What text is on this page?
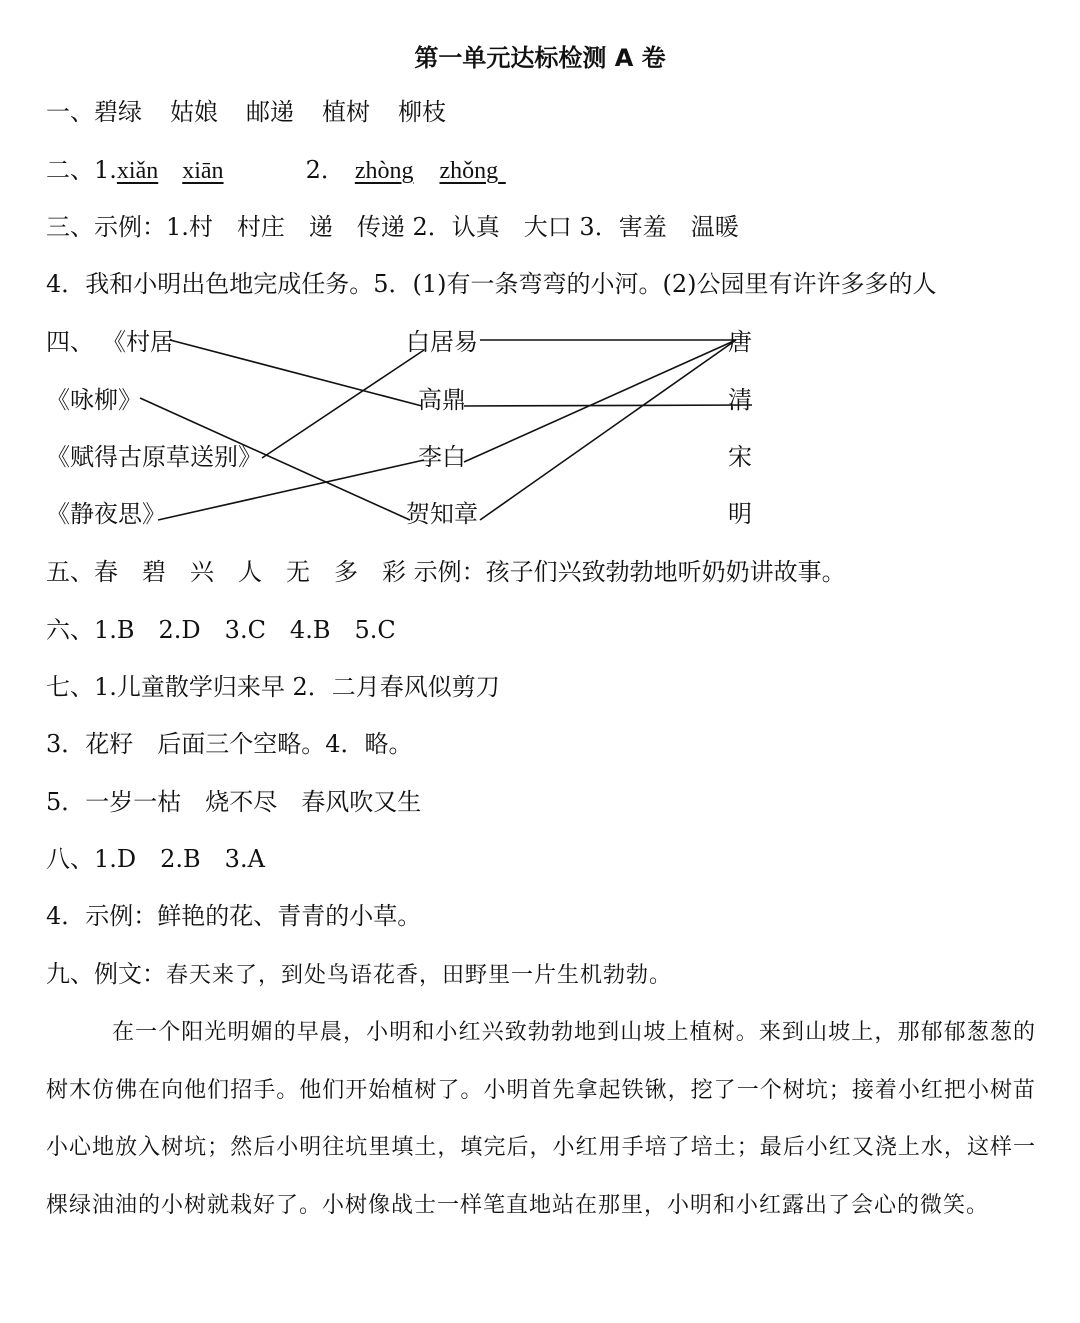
第一单元达标检测 A 卷
一、碧绿 姑娘 邮递 植树 柳枝
二、1.xiǎn xiān	2． zhòng zhǒng
三、示例：1.村　村庄　递　传递 2．认真　大口 3．害羞　温暖
4．我和小明出色地完成任务。5．(1)有一条弯弯的小河。(2)公园里有许许多多的人
四、 《村居
《咏柳》
《赋得古原草送别》
《静夜思》
白居易
高鼎
李白
贺知章
唐
清
宋
明
五、春　碧　兴　人　无　多　彩 示例：孩子们兴致勃勃地听奶奶讲故事。
六、1.B　2.D　3.C　4.B　5.C
七、1.儿童散学归来早 2．二月春风似剪刀
3．花籽　后面三个空略。4．略。
5．一岁一枯　烧不尽　春风吹又生
八、1.D　2.B　3.A
4．示例：鲜艳的花、青青的小草。
九、例文：春天来了，到处鸟语花香，田野里一片生机勃勃。
在一个阳光明媚的早晨，小明和小红兴致勃勃地到山坡上植树。来到山坡上，那郁郁葱葱的树木仿佛在向他们招手。他们开始植树了。小明首先拿起铁锹，挖了一个树坑；接着小红把小树苗小心地放入树坑；然后小明往坑里填土，填完后，小红用手培了培土；最后小红又浇上水，这样一棵绿油油的小树就栽好了。小树像战士一样笔直地站在那里，小明和小红露出了会心的微笑。
